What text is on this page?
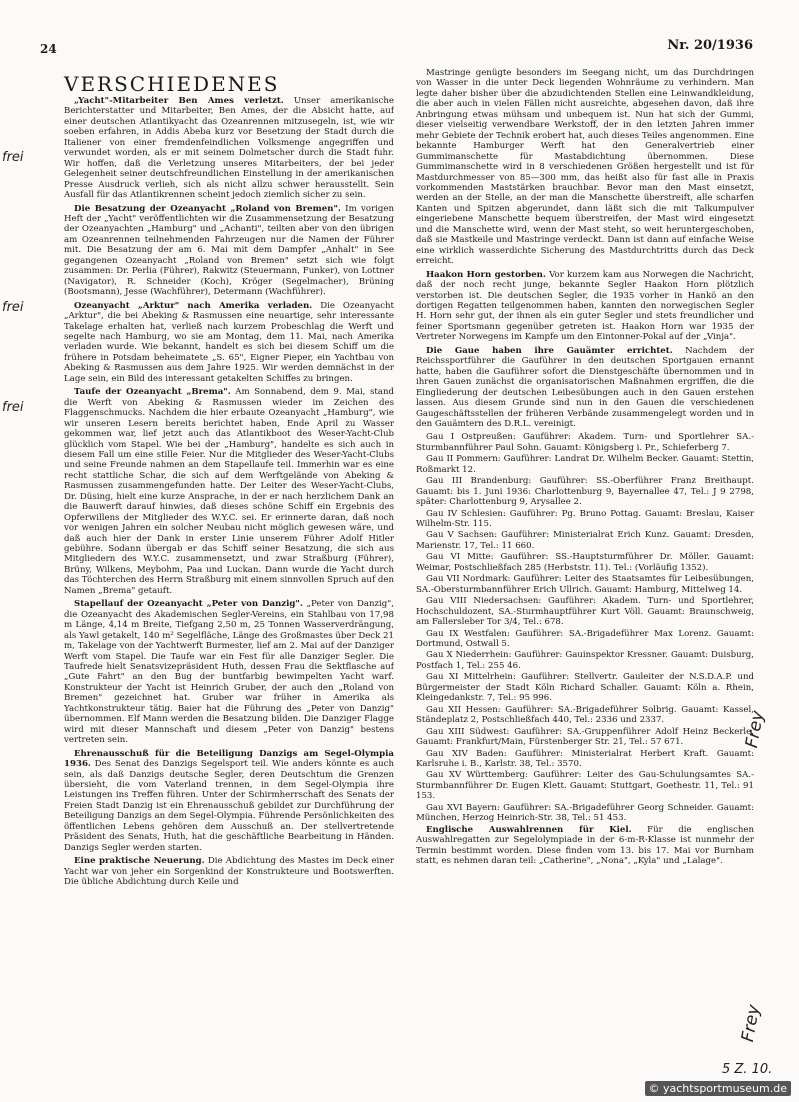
24	Nr. 20/1936
VERSCHIEDENES

„Yacht"-Mitarbeiter Ben Ames verletzt. Unser amerikanische Berichterstatter und Mitarbeiter, Ben Ames, der die Absicht hatte, auf einer deutschen Atlantikyacht das Ozeanrennen mitzusegeln, ist, wie wir soeben erfahren, in Addis Abeba kurz vor Besetzung der Stadt durch die Italiener von einer fremdenfeindlichen Volksmenge angegriffen und verwundet worden, als er mit seinem Dolmetscher durch die Stadt fuhr. Wir hoffen, daß die Verletzung unseres Mitarbeiters, der bei jeder Gelegenheit seiner deutschfreundlichen Einstellung in der amerikanischen Presse Ausdruck verlieh, sich als nicht allzu schwer herausstellt. Sein Ausfall für das Atlantikrennen scheint jedoch ziemlich sicher zu sein.

Die Besatzung der Ozeanyacht „Roland von Bremen". Im vorigen Heft der „Yacht" veröffentlichten wir die Zusammensetzung der Besatzung der Ozeanyachten „Hamburg" und „Achanti", teilten aber von den übrigen am Ozeanrennen teilnehmenden Fahrzeugen nur die Namen der Führer mit. Die Besatzung der am 6. Mai mit dem Dampfer „Anhalt" in See gegangenen Ozeanyacht „Roland von Bremen" setzt sich wie folgt zusammen: Dr. Perlia (Führer), Rakwitz (Steuermann, Funker), von Lottner (Navigator), R. Schneider (Koch), Kröger (Segelmacher), Brüning (Bootsmann), Jesse (Wachführer), Determann (Wachführer).

Ozeanyacht „Arktur" nach Amerika verladen. Die Ozeanyacht „Arktur", die bei Abeking & Rasmussen eine neuartige, sehr interessante Takelage erhalten hat, verließ nach kurzem Probeschlag die Werft und segelte nach Hamburg, wo sie am Montag, dem 11. Mai, nach Amerika verladen wurde. Wie bekannt, handelt es sich bei diesem Schiff um die frühere in Potsdam beheimatete „S. 65", Eigner Pieper, ein Yachtbau von Abeking & Rasmussen aus dem Jahre 1925. Wir werden demnächst in der Lage sein, ein Bild des interessant getakelten Schiffes zu bringen.

Taufe der Ozeanyacht „Brema". Am Sonnabend, dem 9. Mai, stand die Werft von Abeking & Rasmussen wieder im Zeichen des Flaggenschmucks. Nachdem die hier erbaute Ozeanyacht „Hamburg", wie wir unseren Lesern bereits berichtet haben, Ende April zu Wasser gekommen war, lief jetzt auch das Atlantikboot des Weser-Yacht-Club glücklich vom Stapel. Wie bei der „Hamburg", handelte es sich auch in diesem Fall um eine stille Feier. Nur die Mitglieder des Weser-Yacht-Clubs und seine Freunde nahmen an dem Stapellaufe teil. Immerhin war es eine recht stattliche Schar, die sich auf dem Werftgelände von Abeking & Rasmussen zusammengefunden hatte. Der Leiter des Weser-Yacht-Clubs, Dr. Düsing, hielt eine kurze Ansprache, in der er nach herzlichem Dank an die Bauwerft darauf hinwies, daß dieses schöne Schiff ein Ergebnis des Opferwillens der Mitglieder des W.Y.C. sei. Er erinnerte daran, daß noch vor wenigen Jahren ein solcher Neubau nicht möglich gewesen wäre, und daß auch hier der Dank in erster Linie unserem Führer Adolf Hitler gebühre. Sodann übergab er das Schiff seiner Besatzung, die sich aus Mitgliedern des W.Y.C. zusammensetzt, und zwar Straßburg (Führer), Brüny, Wilkens, Meybohm, Paa und Luckan. Dann wurde die Yacht durch das Töchterchen des Herrn Straßburg mit einem sinnvollen Spruch auf den Namen „Brema" getauft.

Stapellauf der Ozeanyacht „Peter von Danzig". „Peter von Danzig", die Ozeanyacht des Akademischen Segler-Vereins, ein Stahlbau von 17,98 m Länge, 4,14 m Breite, Tiefgang 2,50 m, 25 Tonnen Wasserverdrängung, als Yawl getakelt, 140 m² Segelfläche, Länge des Großmastes über Deck 21 m, Takelage von der Yachtwerft Burmester, lief am 2. Mai auf der Danziger Werft vom Stapel. Die Taufe war ein Fest für alle Danziger Segler. Die Taufrede hielt Senatsvizepräsident Huth, dessen Frau die Sektflasche auf „Gute Fahrt" an den Bug der buntfarbig bewimpelten Yacht warf. Konstrukteur der Yacht ist Heinrich Gruber, der auch den „Roland von Bremen" gezeichnet hat. Gruber war früher in Amerika als Yachtkonstrukteur tätig. Baier hat die Führung des „Peter von Danzig" übernommen. Elf Mann werden die Besatzung bilden. Die Danziger Flagge wird mit dieser Mannschaft und diesem „Peter von Danzig" bestens vertreten sein.

Ehrenausschuß für die Beteiligung Danzigs am Segel-Olympia 1936. Des Senat des Danzigs Segelsport teil. Wie anders könnte es auch sein, als daß Danzigs deutsche Segler, deren Deutschtum die Grenzen übersieht, die vom Vaterland trennen, in dem Segel-Olympia ihre Leistungen ins Treffen führen. Unter der Schirmherrschaft des Senats der Freien Stadt Danzig ist ein Ehrenausschuß gebildet zur Durchführung der Beteiligung Danzigs an dem Segel-Olympia. Führende Persönlichkeiten des öffentlichen Lebens gehören dem Ausschuß an. Der stellvertretende Präsident des Senats, Huth, hat die geschäftliche Bearbeitung in Händen. Danzigs Segler werden starten.

Eine praktische Neuerung. Die Abdichtung des Mastes im Deck einer Yacht war von jeher ein Sorgenkind der Konstrukteure und Bootswerften. Die übliche Abdichtung durch Keile und

Mastringe genügte besonders im Seegang nicht, um das Durchdringen von Wasser in die unter Deck liegenden Wohnräume zu verhindern. Man legte daher bisher über die abzudichtenden Stellen eine Leinwandkleidung, die aber auch in vielen Fällen nicht ausreichte, abgesehen davon, daß ihre Anbringung etwas mühsam und unbequem ist. Nun hat sich der Gummi, dieser vielseitig verwendbare Werkstoff, der in den letzten Jahren immer mehr Gebiete der Technik erobert hat, auch dieses Teiles angenommen. Eine bekannte Hamburger Werft hat den Generalvertrieb einer Gummimanschette für Mastabdichtung übernommen. Diese Gummimanschette wird in 8 verschiedenen Größen hergestellt und ist für Mastdurchmesser von 85—300 mm, das heißt also für fast alle in Praxis vorkommenden Maststärken brauchbar. Bevor man den Mast einsetzt, werden an der Stelle, an der man die Manschette überstreift, alle scharfen Kanten und Spitzen abgerundet, dann läßt sich die mit Talkumpulver eingeriebene Manschette bequem überstreifen, der Mast wird eingesetzt und die Manschette wird, wenn der Mast steht, so weit heruntergeschoben, daß sie Mastkeile und Mastringe verdeckt. Dann ist dann auf einfache Weise eine wirklich wasserdichte Sicherung des Mastdurchtritts durch das Deck erreicht.

Haakon Horn gestorben. Vor kurzem kam aus Norwegen die Nachricht, daß der noch recht junge, bekannte Segler Haakon Horn plötzlich verstorben ist. Die deutschen Segler, die 1935 vorher in Hankö an den dortigen Regatten teilgenommen haben, kannten den norwegischen Segler H. Horn sehr gut, der ihnen als ein guter Segler und stets freundlicher und feiner Sportsmann gegenüber getreten ist. Haakon Horn war 1935 der Vertreter Norwegens im Kampfe um den Eintonner-Pokal auf der „Vinja".

Die Gaue haben ihre Gauämter errichtet. Nachdem der Reichssportführer die Gauführer in den deutschen Sportgauen ernannt hatte, haben die Gauführer sofort die Dienstgeschäfte übernommen und in ihren Gauen zunächst die organisatorischen Maßnahmen ergriffen, die die Eingliederung der deutschen Leibesübungen auch in den Gauen erstehen lassen. Aus diesem Grunde sind nun in den Gauen die verschiedenen Gaugeschäftsstellen der früheren Verbände zusammengelegt worden und in den Gauämtern des D.R.L. vereinigt.

Gau I Ostpreußen: Gauführer: Akadem. Turn- und Sportlehrer SA.-Sturmbannführer Paul Sohn. Gauamt: Königsberg i. Pr., Schieferberg 7.

Gau II Pommern: Gauführer: Landrat Dr. Wilhelm Becker. Gauamt: Stettin, Roßmarkt 12.

Gau III Brandenburg: Gauführer: SS.-Oberführer Franz Breithaupt. Gauamt: bis 1. Juni 1936: Charlottenburg 9, Bayernallee 47, Tel.: J 9 2798, später: Charlottenburg 9, Arysallee 2.

Gau IV Schlesien: Gauführer: Pg. Bruno Pottag. Gauamt: Breslau, Kaiser Wilhelm-Str. 115.

Gau V Sachsen: Gauführer: Ministerialrat Erich Kunz. Gauamt: Dresden, Marienstr. 17, Tel.: 11 660.

Gau VI Mitte: Gauführer: SS.-Hauptsturmführer Dr. Möller. Gauamt: Weimar, Postschließfach 285 (Herbststr. 11). Tel.: (Vorläufig 1352).

Gau VII Nordmark: Gauführer: Leiter des Staatsamtes für Leibesübungen, SA.-Obersturmbannführer Erich Ullrich. Gauamt: Hamburg, Mittelweg 14.

Gau VIII Niedersachsen: Gauführer: Akadem. Turn- und Sportlehrer, Hochschuldozent, SA.-Sturmhauptführer Kurt Völl. Gauamt: Braunschweig, am Fallersleber Tor 3/4, Tel.: 678.

Gau IX Westfalen: Gauführer: SA.-Brigadeführer Max Lorenz. Gauamt: Dortmund, Ostwall 5.

Gau X Niederrhein: Gauführer: Gauinspektor Kressner. Gauamt: Duisburg, Postfach 1, Tel.: 255 46.

Gau XI Mittelrhein: Gauführer: Stellvertr. Gauleiter der N.S.D.A.P. und Bürgermeister der Stadt Köln Richard Schaller. Gauamt: Köln a. Rhein, Kleingedankstr. 7, Tel.: 95 996.

Gau XII Hessen: Gauführer: SA.-Brigadeführer Solbrig. Gauamt: Kassel, Ständeplatz 2, Postschließfach 440, Tel.: 2336 und 2337.

Gau XIII Südwest: Gauführer: SA.-Gruppenführer Adolf Heinz Beckerle. Gauamt: Frankfurt/Main, Fürstenberger Str. 21, Tel.: 57 671.

Gau XIV Baden: Gauführer: Ministerialrat Herbert Kraft. Gauamt: Karlsruhe i. B., Karlstr. 38, Tel.: 3570.

Gau XV Württemberg: Gauführer: Leiter des Gau-Schulungsamtes SA.-Sturmbannführer Dr. Eugen Klett. Gauamt: Stuttgart, Goethestr. 11, Tel.: 91 153.

Gau XVI Bayern: Gauführer: SA.-Brigadeführer Georg Schneider. Gauamt: München, Herzog Heinrich-Str. 38, Tel.: 51 453.

Englische Auswahlrennen für Kiel. Für die englischen Auswahlregatten zur Segelolympiade in der 6-m-R-Klasse ist nunmehr der Termin bestimmt worden. Diese finden vom 13. bis 17. Mai vor Burnham statt, es nehmen daran teil: „Catherine", „Nona", „Kyla" und „Lalage".

Frey
Frey
frei
frei
frei
5 Z. 10.
© yachtsportmuseum.de
